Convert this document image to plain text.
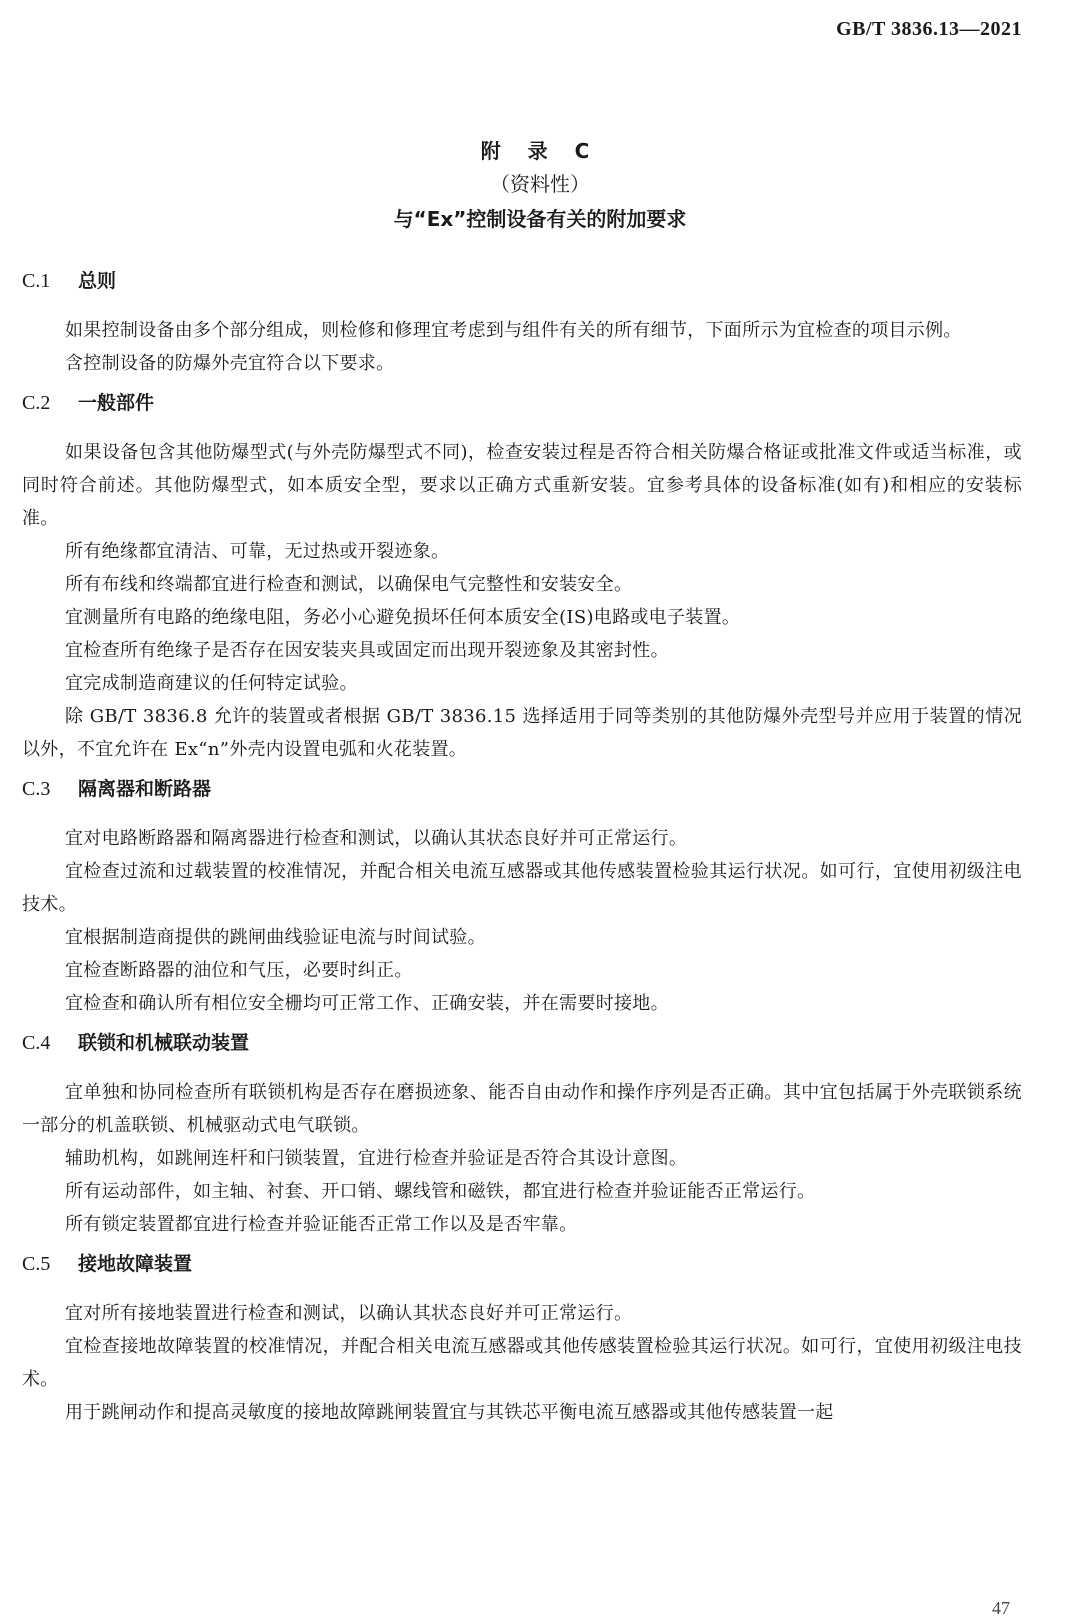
GB/T 3836.13—2021
附 录 C
（资料性）
与“Ex”控制设备有关的附加要求
C.1 总则

如果控制设备由多个部分组成，则检修和修理宜考虑到与组件有关的所有细节，下面所示为宜检查的项目示例。

含控制设备的防爆外壳宜符合以下要求。

C.2 一般部件

如果设备包含其他防爆型式(与外壳防爆型式不同)，检查安装过程是否符合相关防爆合格证或批准文件或适当标准，或同时符合前述。其他防爆型式，如本质安全型，要求以正确方式重新安装。宜参考具体的设备标准(如有)和相应的安装标准。

所有绝缘都宜清洁、可靠，无过热或开裂迹象。

所有布线和终端都宜进行检查和测试，以确保电气完整性和安装安全。

宜测量所有电路的绝缘电阻，务必小心避免损坏任何本质安全(IS)电路或电子装置。

宜检查所有绝缘子是否存在因安装夹具或固定而出现开裂迹象及其密封性。

宜完成制造商建议的任何特定试验。

除 GB/T 3836.8 允许的装置或者根据 GB/T 3836.15 选择适用于同等类别的其他防爆外壳型号并应用于装置的情况以外，不宜允许在 Ex“n”外壳内设置电弧和火花装置。

C.3 隔离器和断路器

宜对电路断路器和隔离器进行检查和测试，以确认其状态良好并可正常运行。

宜检查过流和过载装置的校准情况，并配合相关电流互感器或其他传感装置检验其运行状况。如可行，宜使用初级注电技术。

宜根据制造商提供的跳闸曲线验证电流与时间试验。

宜检查断路器的油位和气压，必要时纠正。

宜检查和确认所有相位安全栅均可正常工作、正确安装，并在需要时接地。

C.4 联锁和机械联动装置

宜单独和协同检查所有联锁机构是否存在磨损迹象、能否自由动作和操作序列是否正确。其中宜包括属于外壳联锁系统一部分的机盖联锁、机械驱动式电气联锁。

辅助机构，如跳闸连杆和闩锁装置，宜进行检查并验证是否符合其设计意图。

所有运动部件，如主轴、衬套、开口销、螺线管和磁铁，都宜进行检查并验证能否正常运行。

所有锁定装置都宜进行检查并验证能否正常工作以及是否牢靠。

C.5 接地故障装置

宜对所有接地装置进行检查和测试，以确认其状态良好并可正常运行。

宜检查接地故障装置的校准情况，并配合相关电流互感器或其他传感装置检验其运行状况。如可行，宜使用初级注电技术。

用于跳闸动作和提高灵敏度的接地故障跳闸装置宜与其铁芯平衡电流互感器或其他传感装置一起

47
